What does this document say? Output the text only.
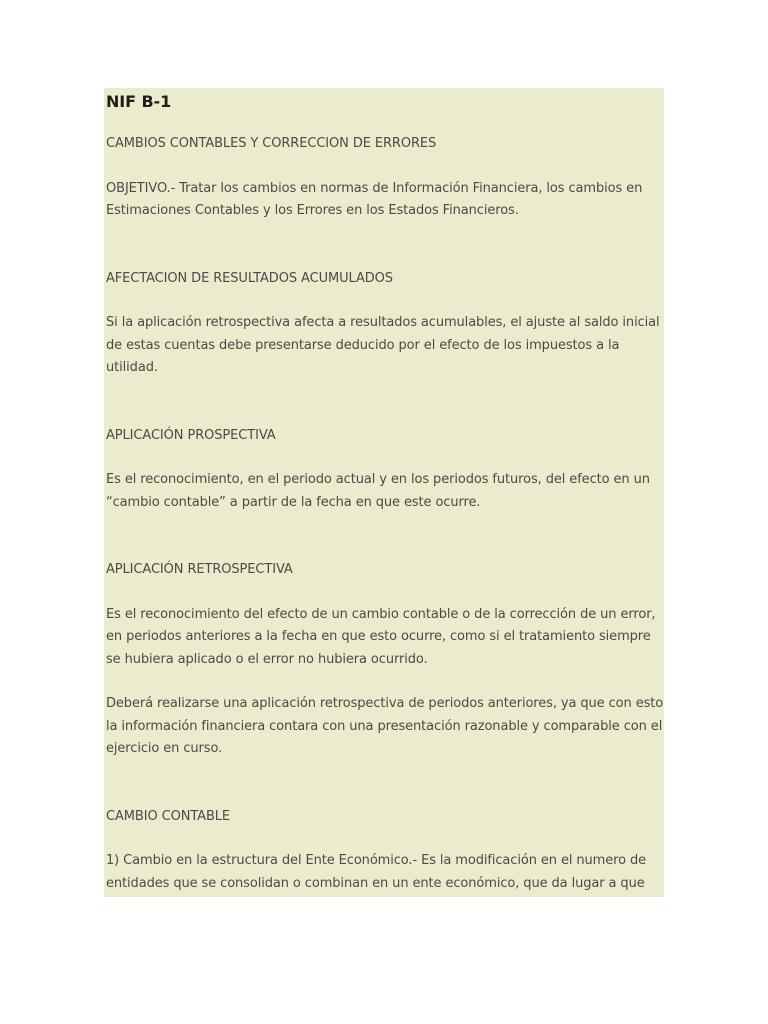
NIF B-1

CAMBIOS CONTABLES Y CORRECCION DE ERRORES

OBJETIVO.- Tratar los cambios en normas de Información Financiera, los cambios en Estimaciones Contables y los Errores en los Estados Financieros.

AFECTACION DE RESULTADOS ACUMULADOS

Si la aplicación retrospectiva afecta a resultados acumulables, el ajuste al saldo inicial de estas cuentas debe presentarse deducido por el efecto de los impuestos a la utilidad.

APLICACIÓN PROSPECTIVA

Es el reconocimiento, en el periodo actual y en los periodos futuros, del efecto en un “cambio contable” a partir de la fecha en que este ocurre.

APLICACIÓN RETROSPECTIVA

Es el reconocimiento del efecto de un cambio contable o de la corrección de un error, en periodos anteriores a la fecha en que esto ocurre, como si el tratamiento siempre se hubiera aplicado o el error no hubiera ocurrido.

Deberá realizarse una aplicación retrospectiva de periodos anteriores, ya que con esto la información financiera contara con una presentación razonable y comparable con el ejercicio en curso.

CAMBIO CONTABLE

1) Cambio en la estructura del Ente Económico.- Es la modificación en el numero de entidades que se consolidan o combinan en un ente económico, que da lugar a que
